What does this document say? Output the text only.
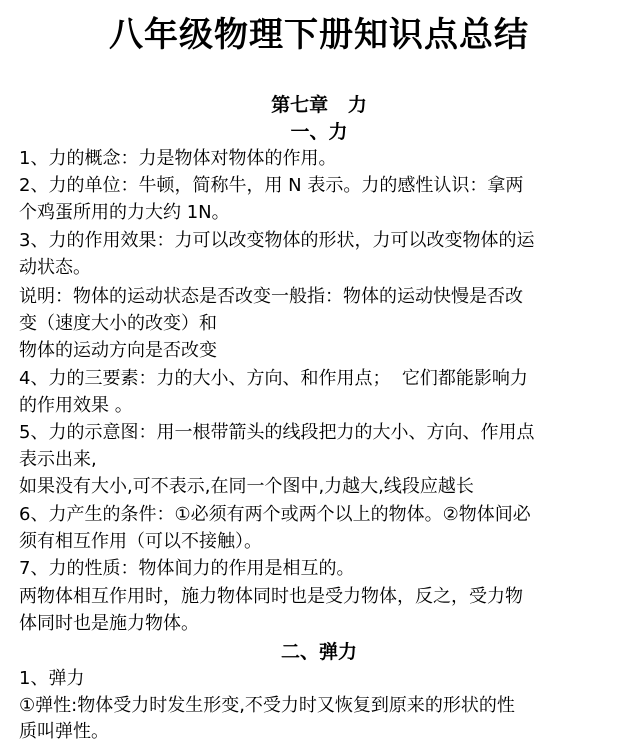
八年级物理下册知识点总结
第七章   力
一、力
1、力的概念：力是物体对物体的作用。
2、力的单位：牛顿，简称牛，用 N 表示。力的感性认识：拿两
个鸡蛋所用的力大约 1N。
3、力的作用效果：力可以改变物体的形状，力可以改变物体的运
动状态。
说明：物体的运动状态是否改变一般指：物体的运动快慢是否改
变（速度大小的改变）和
物体的运动方向是否改变
4、力的三要素：力的大小、方向、和作用点；  它们都能影响力
的作用效果 。
5、力的示意图：用一根带箭头的线段把力的大小、方向、作用点
表示出来,
如果没有大小,可不表示,在同一个图中,力越大,线段应越长
6、力产生的条件：①必须有两个或两个以上的物体。②物体间必
须有相互作用（可以不接触）。
7、力的性质：物体间力的作用是相互的。
两物体相互作用时，施力物体同时也是受力物体，反之，受力物
体同时也是施力物体。
二、弹力
1、弹力
①弹性:物体受力时发生形变,不受力时又恢复到原来的形状的性
质叫弹性。
